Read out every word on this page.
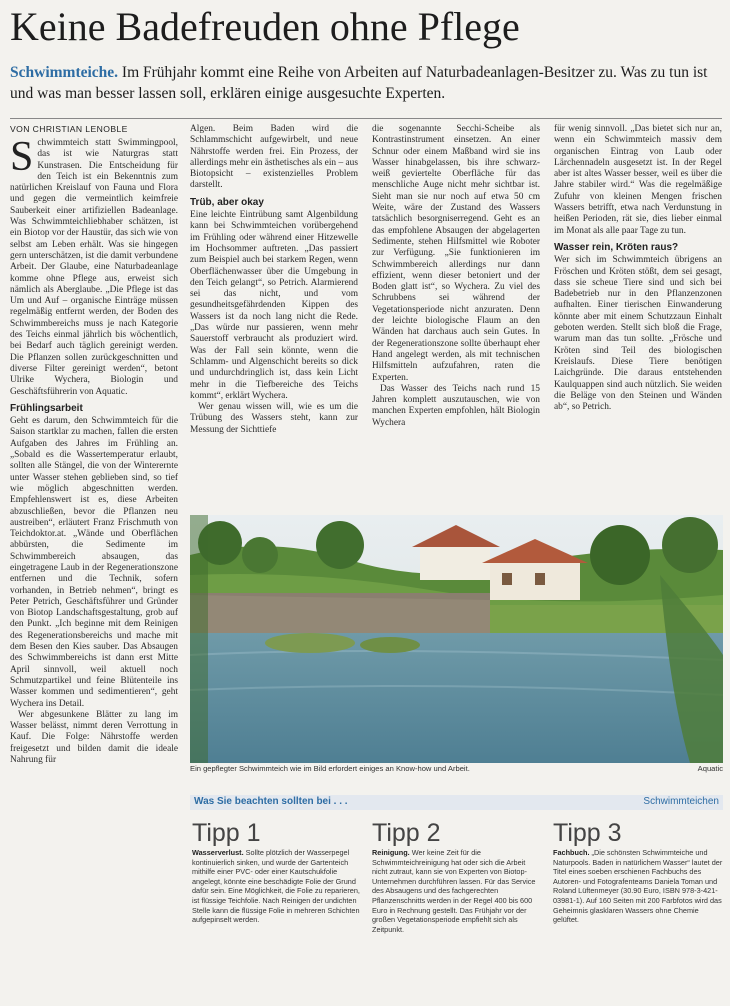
Keine Badefreuden ohne Pflege
Schwimmteiche. Im Frühjahr kommt eine Reihe von Arbeiten auf Naturbadeanlagen-Besitzer zu. Was zu tun ist und was man besser lassen soll, erklären einige ausgesuchte Experten.
VON CHRISTIAN LENOBLE

Schwimmteich statt Swimmingpool, das ist wie Naturgras statt Kunstrasen. Die Entscheidung für den Teich ist ein Bekenntnis zum natürlichen Kreislauf von Fauna und Flora und gegen die vermeintlich keimfreie Sauberkeit einer artifiziellen Badeanlage. Was Schwimmteichliebhaber schätzen, ist ein Biotop vor der Haustür, das sich wie von selbst am Leben erhält. Was sie hingegen gern unterschätzen, ist die damit verbundene Arbeit. Der Glaube, eine Naturbadeanlage komme ohne Pflege aus, erweist sich nämlich als Aberglaube. „Die Pflege ist das Um und Auf – organische Einträge müssen regelmäßig entfernt werden, der Boden des Schwimmbereichs muss je nach Kategorie des Teichs einmal jährlich bis wöchentlich, bei Bedarf auch täglich gereinigt werden. Die Pflanzen sollen zurückgeschnitten und diverse Filter gereinigt werden“, betont Ulrike Wychera, Biologin und Geschäftsführerin von Aquatic.

Frühlingsarbeit

Geht es darum, den Schwimmteich für die Saison startklar zu machen, fallen die ersten Aufgaben des Jahres im Frühling an. „Sobald es die Wassertemperatur erlaubt, sollten alle Stängel, die von der Winterernte unter Wasser stehen geblieben sind, so tief wie möglich abgeschnitten werden. Empfehlenswert ist es, diese Arbeiten abzuschließen, bevor die Pflanzen neu austreiben“, erläutert Franz Frischmuth von Teichdoktor.at. „Wände und Oberflächen abbürsten, die Sedimente im Schwimmbereich absaugen, das eingetragene Laub in der Regenerationszone entfernen und die Technik, sofern vorhanden, in Betrieb nehmen“, bringt es Peter Petrich, Geschäftsführer und Gründer von Biotop Landschaftsgestaltung, grob auf den Punkt. „Ich beginne mit dem Reinigen des Regenerationsbereichs und mache mit dem Besen den Kies sauber. Das Absaugen des Schwimmbereichs ist dann erst Mitte April sinnvoll, weil aktuell noch Schmutzpartikel und feine Blütenteile ins Wasser kommen und sedimentieren“, geht Wychera ins Detail.

Wer abgesunkene Blätter zu lang im Wasser belässt, nimmt deren Verrottung in Kauf. Die Folge: Nährstoffe werden freigesetzt und bilden damit die ideale Nahrung für

Algen. Beim Baden wird die Schlammschicht aufgewirbelt, und neue Nährstoffe werden frei. Ein Prozess, der allerdings mehr ein ästhetisches als ein – aus Biotopsicht – existenzielles Problem darstellt.

Trüb, aber okay

Eine leichte Eintrübung samt Algenbildung kann bei Schwimmteichen vorübergehend im Frühling oder während einer Hitzewelle im Hochsommer auftreten. „Das passiert zum Beispiel auch bei starkem Regen, wenn Oberflächenwasser über die Umgebung in den Teich gelangt“, so Petrich. Alarmierend sei das nicht, und vom gesundheitsgefährdenden Kippen des Wassers ist da noch lang nicht die Rede. „Das würde nur passieren, wenn mehr Sauerstoff verbraucht als produziert wird. Was der Fall sein könnte, wenn die Schlamm- und Algenschicht bereits so dick und undurchdringlich ist, dass kein Licht mehr in die Tiefbereiche des Teichs kommt“, erklärt Wychera.

Wer genau wissen will, wie es um die Trübung des Wassers steht, kann zur Messung der Sichttiefe

die sogenannte Secchi-Scheibe als Kontrastinstrument einsetzen. An einer Schnur oder einem Maßband wird sie ins Wasser hinabgelassen, bis ihre schwarz-weiß geviertelte Oberfläche für das menschliche Auge nicht mehr sichtbar ist. Sieht man sie nur noch auf etwa 50 cm Weite, wäre der Zustand des Wassers tatsächlich besorgniserregend. Geht es an das empfohlene Absaugen der abgelagerten Sedimente, stehen Hilfsmittel wie Roboter zur Verfügung. „Sie funktionieren im Schwimmbereich allerdings nur dann effizient, wenn dieser betoniert und der Boden glatt ist“, so Wychera. Zu viel des Schrubbens sei während der Vegetationsperiode nicht anzuraten. Denn der leichte biologische Flaum an den Wänden hat darchaus auch sein Gutes. In der Regenerationszone sollte überhaupt eher Hand angelegt werden, als mit technischen Hilfsmitteln aufzufahren, raten die Experten.

Das Wasser des Teichs nach rund 15 Jahren komplett auszutauschen, wie von manchen Experten empfohlen, hält Biologin Wychera

für wenig sinnvoll. „Das bietet sich nur an, wenn ein Schwimmteich massiv dem organischen Eintrag von Laub oder Lärchennadeln ausgesetzt ist. In der Regel aber ist altes Wasser besser, weil es über die Jahre stabiler wird.“ Was die regelmäßige Zufuhr von kleinen Mengen frischen Wassers betrifft, etwa nach Verdunstung in heißen Perioden, rät sie, dies lieber einmal im Monat als alle paar Tage zu tun.

Wasser rein, Kröten raus?

Wer sich im Schwimmteich übrigens an Fröschen und Kröten stößt, dem sei gesagt, dass sie scheue Tiere sind und sich bei Badebetrieb nur in den Pflanzenzonen aufhalten. Einer tierischen Einwanderung könnte aber mit einem Schutzzaun Einhalt geboten werden. Stellt sich bloß die Frage, warum man das tun sollte. „Frösche und Kröten sind Teil des biologischen Kreislaufs. Diese Tiere benötigen Laichgründe. Die daraus entstehenden Kaulquappen sind auch nützlich. Sie weiden die Beläge von den Steinen und Wänden ab“, so Petrich.

Ein gepflegter Schwimmteich wie im Bild erfordert einiges an Know-how und Arbeit.	Aquatic
Was Sie beachten sollten bei . . .	Schwimmteichen
Tipp 1
Wasserverlust. Sollte plötzlich der Wasserpegel kontinuierlich sinken, und wurde der Gartenteich mithilfe einer PVC- oder einer Kautschukfolie angelegt, könnte eine beschädigte Folie der Grund dafür sein. Eine Möglichkeit, die Folie zu reparieren, ist flüssige Teichfolie. Nach Reinigen der undichten Stelle kann die flüssige Folie in mehreren Schichten aufgepinselt werden.
Tipp 2
Reinigung. Wer keine Zeit für die Schwimmteichreinigung hat oder sich die Arbeit nicht zutraut, kann sie von Experten von Biotop-Unternehmen durchführen lassen. Für das Service des Absaugens und des fachgerechten Pflanzenschnitts werden in der Regel 400 bis 600 Euro in Rechnung gestellt. Das Frühjahr vor der großen Vegetationsperiode empfiehlt sich als Zeitpunkt.
Tipp 3
Fachbuch. „Die schönsten Schwimmteiche und Naturpools. Baden in natürlichem Wasser“ lautet der Titel eines soeben erschienen Fachbuchs des Autoren- und Fotografenteams Daniela Toman und Roland Lüftenmeyer (30.90 Euro, ISBN 978-3-421-03981-1). Auf 160 Seiten mit 200 Farbfotos wird das Geheimnis glasklaren Wassers ohne Chemie gelüftet.
